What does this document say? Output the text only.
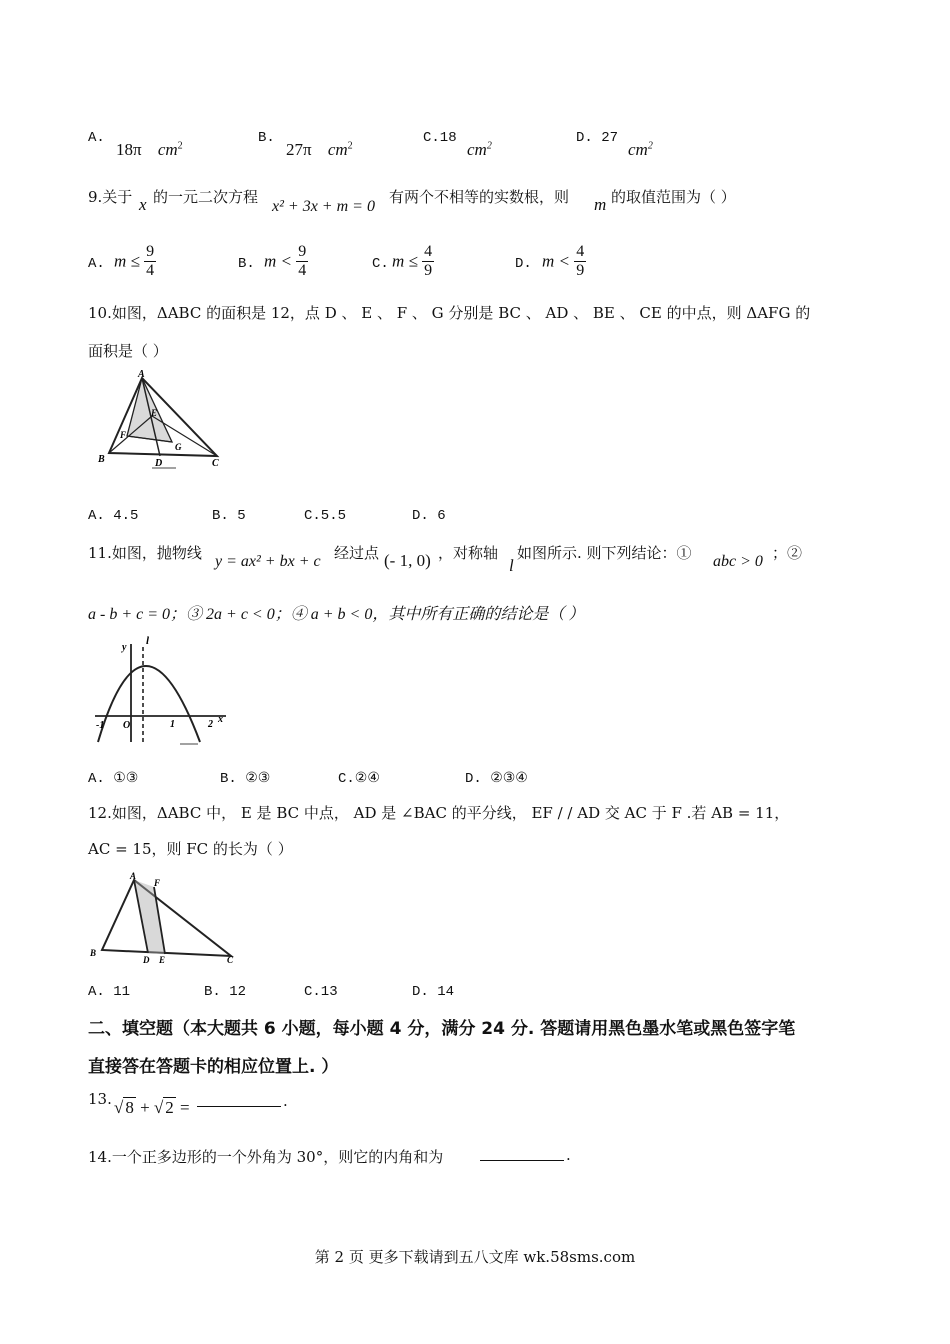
A.
18π $cm^2$	B.
27π $cm^2$	C.18
$cm^2$	D. 27
$cm^2$
9.关于 x 的一元二次方程
x² + 3x + m = 0
有两个不相等的实数根，则 m 的取值范围为（ ）
A. $m \le \frac{9}{4}$	B. $m < \frac{9}{4}$	C. $m \le \frac{4}{9}$	D. $m < \frac{4}{9}$
10.如图，ΔABC 的面积是 12，点 D 、 E 、 F 、 G 分别是 BC 、 AD 、 BE 、 CE 的中点，则 ΔAFG 的
面积是（ ）
A
B	C
D
E
F
G
A. 4.5	B. 5	C.5.5	D. 6
11.如图，抛物线 y = ax² + bx + c 经过点 (- 1, 0) ，对称轴
l
如图所示. 则下列结论：① abc > 0 ；②
a - b + c = 0；③ 2a + c < 0；④ a + b < 0，其中所有正确的结论是（ ）
y
l
x
O
-1	1	2
A. ①③	B. ②③	C.②④	D. ②③④
12.如图，ΔABC 中， E 是 BC 中点， AD 是 ∠BAC 的平分线， EF / / AD 交 AC 于 F .若 AB = 11，
AC = 15，则 FC 的长为（ ）
A
B
C
D E
F
A. 11	B. 12	C.13	D. 14
二、填空题（本大题共 6 小题，每小题 4 分，满分 24 分. 答题请用黑色墨水笔或黑色签字笔
直接答在答题卡的相应位置上. ）
13. √ 8 + √ 2 =	.
14.一个正多边形的一个外角为 30°，则它的内角和为	.
第 2 页 更多下载请到五八文库 wk.58sms.com
